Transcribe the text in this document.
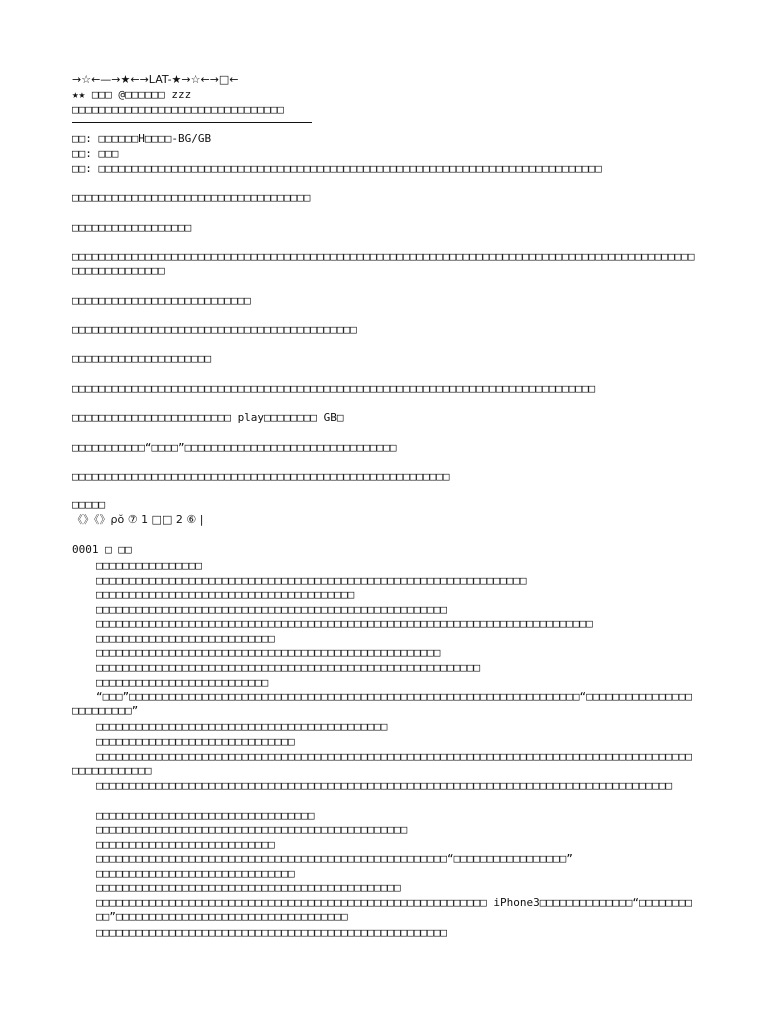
→☆←—→★←→LAT-★→☆←→□←
★★ □□□ @□□□□□□ zzz
□□□□□□□□□□□□□□□□□□□□□□□□□□□□□□□□
□□: □□□□□□H□□□□-BG/GB
□□: □□□
□□: □□□□□□□□□□□□□□□□□□□□□□□□□□□□□□□□□□□□□□□□□□□□□□□□□□□□□□□□□□□□□□□□□□□□□□□□□□□□
□□□□□□□□□□□□□□□□□□□□□□□□□□□□□□□□□□□□
□□□□□□□□□□□□□□□□□□
□□□□□□□□□□□□□□□□□□□□□□□□□□□□□□□□□□□□□□□□□□□□□□□□□□□□□□□□□□□□□□□□□□□□□□□□□□□□□□□□□□□□□□□□□□□□□□□□□□□□□□□□□□□□
□□□□□□□□□□□□□□□□□□□□□□□□□□□
□□□□□□□□□□□□□□□□□□□□□□□□□□□□□□□□□□□□□□□□□□□
□□□□□□□□□□□□□□□□□□□□□
□□□□□□□□□□□□□□□□□□□□□□□□□□□□□□□□□□□□□□□□□□□□□□□□□□□□□□□□□□□□□□□□□□□□□□□□□□□□□□□
□□□□□□□□□□□□□□□□□□□□□□□□ play□□□□□□□□ GB□
□□□□□□□□□□□“□□□□”□□□□□□□□□□□□□□□□□□□□□□□□□□□□□□□□
□□□□□□□□□□□□□□□□□□□□□□□□□□□□□□□□□□□□□□□□□□□□□□□□□□□□□□□□□
□□□□□
《》《》ρŏ ⑦ 1 □□ 2 ⑥ |
0001 □ □□
□□□□□□□□□□□□□□□□
□□□□□□□□□□□□□□□□□□□□□□□□□□□□□□□□□□□□□□□□□□□□□□□□□□□□□□□□□□□□□□□□□
□□□□□□□□□□□□□□□□□□□□□□□□□□□□□□□□□□□□□□□
□□□□□□□□□□□□□□□□□□□□□□□□□□□□□□□□□□□□□□□□□□□□□□□□□□□□□
□□□□□□□□□□□□□□□□□□□□□□□□□□□□□□□□□□□□□□□□□□□□□□□□□□□□□□□□□□□□□□□□□□□□□□□□□□□
□□□□□□□□□□□□□□□□□□□□□□□□□□□
□□□□□□□□□□□□□□□□□□□□□□□□□□□□□□□□□□□□□□□□□□□□□□□□□□□□
□□□□□□□□□□□□□□□□□□□□□□□□□□□□□□□□□□□□□□□□□□□□□□□□□□□□□□□□□□
□□□□□□□□□□□□□□□□□□□□□□□□□□
“□□□”□□□□□□□□□□□□□□□□□□□□□□□□□□□□□□□□□□□□□□□□□□□□□□□□□□□□□□□□□□□□□□□□□□□□“□□□□□□□□□□□□□□□□□□□□□□□□□”
□□□□□□□□□□□□□□□□□□□□□□□□□□□□□□□□□□□□□□□□□□□□
□□□□□□□□□□□□□□□□□□□□□□□□□□□□□□
□□□□□□□□□□□□□□□□□□□□□□□□□□□□□□□□□□□□□□□□□□□□□□□□□□□□□□□□□□□□□□□□□□□□□□□□□□□□□□□□□□□□□□□□□□□□□□□□□□□□□□
□□□□□□□□□□□□□□□□□□□□□□□□□□□□□□□□□□□□□□□□□□□□□□□□□□□□□□□□□□□□□□□□□□□□□□□□□□□□□□□□□□□□□□□
□□□□□□□□□□□□□□□□□□□□□□□□□□□□□□□□□
□□□□□□□□□□□□□□□□□□□□□□□□□□□□□□□□□□□□□□□□□□□□□□□
□□□□□□□□□□□□□□□□□□□□□□□□□□□
□□□□□□□□□□□□□□□□□□□□□□□□□□□□□□□□□□□□□□□□□□□□□□□□□□□□□“□□□□□□□□□□□□□□□□□”
□□□□□□□□□□□□□□□□□□□□□□□□□□□□□□
□□□□□□□□□□□□□□□□□□□□□□□□□□□□□□□□□□□□□□□□□□□□□□
□□□□□□□□□□□□□□□□□□□□□□□□□□□□□□□□□□□□□□□□□□□□□□□□□□□□□□□□□□□ iPhone3□□□□□□□□□□□□□□“□□□□□□□□□□”□□□□□□□□□□□□□□□□□□□□□□□□□□□□□□□□□□□
□□□□□□□□□□□□□□□□□□□□□□□□□□□□□□□□□□□□□□□□□□□□□□□□□□□□□
